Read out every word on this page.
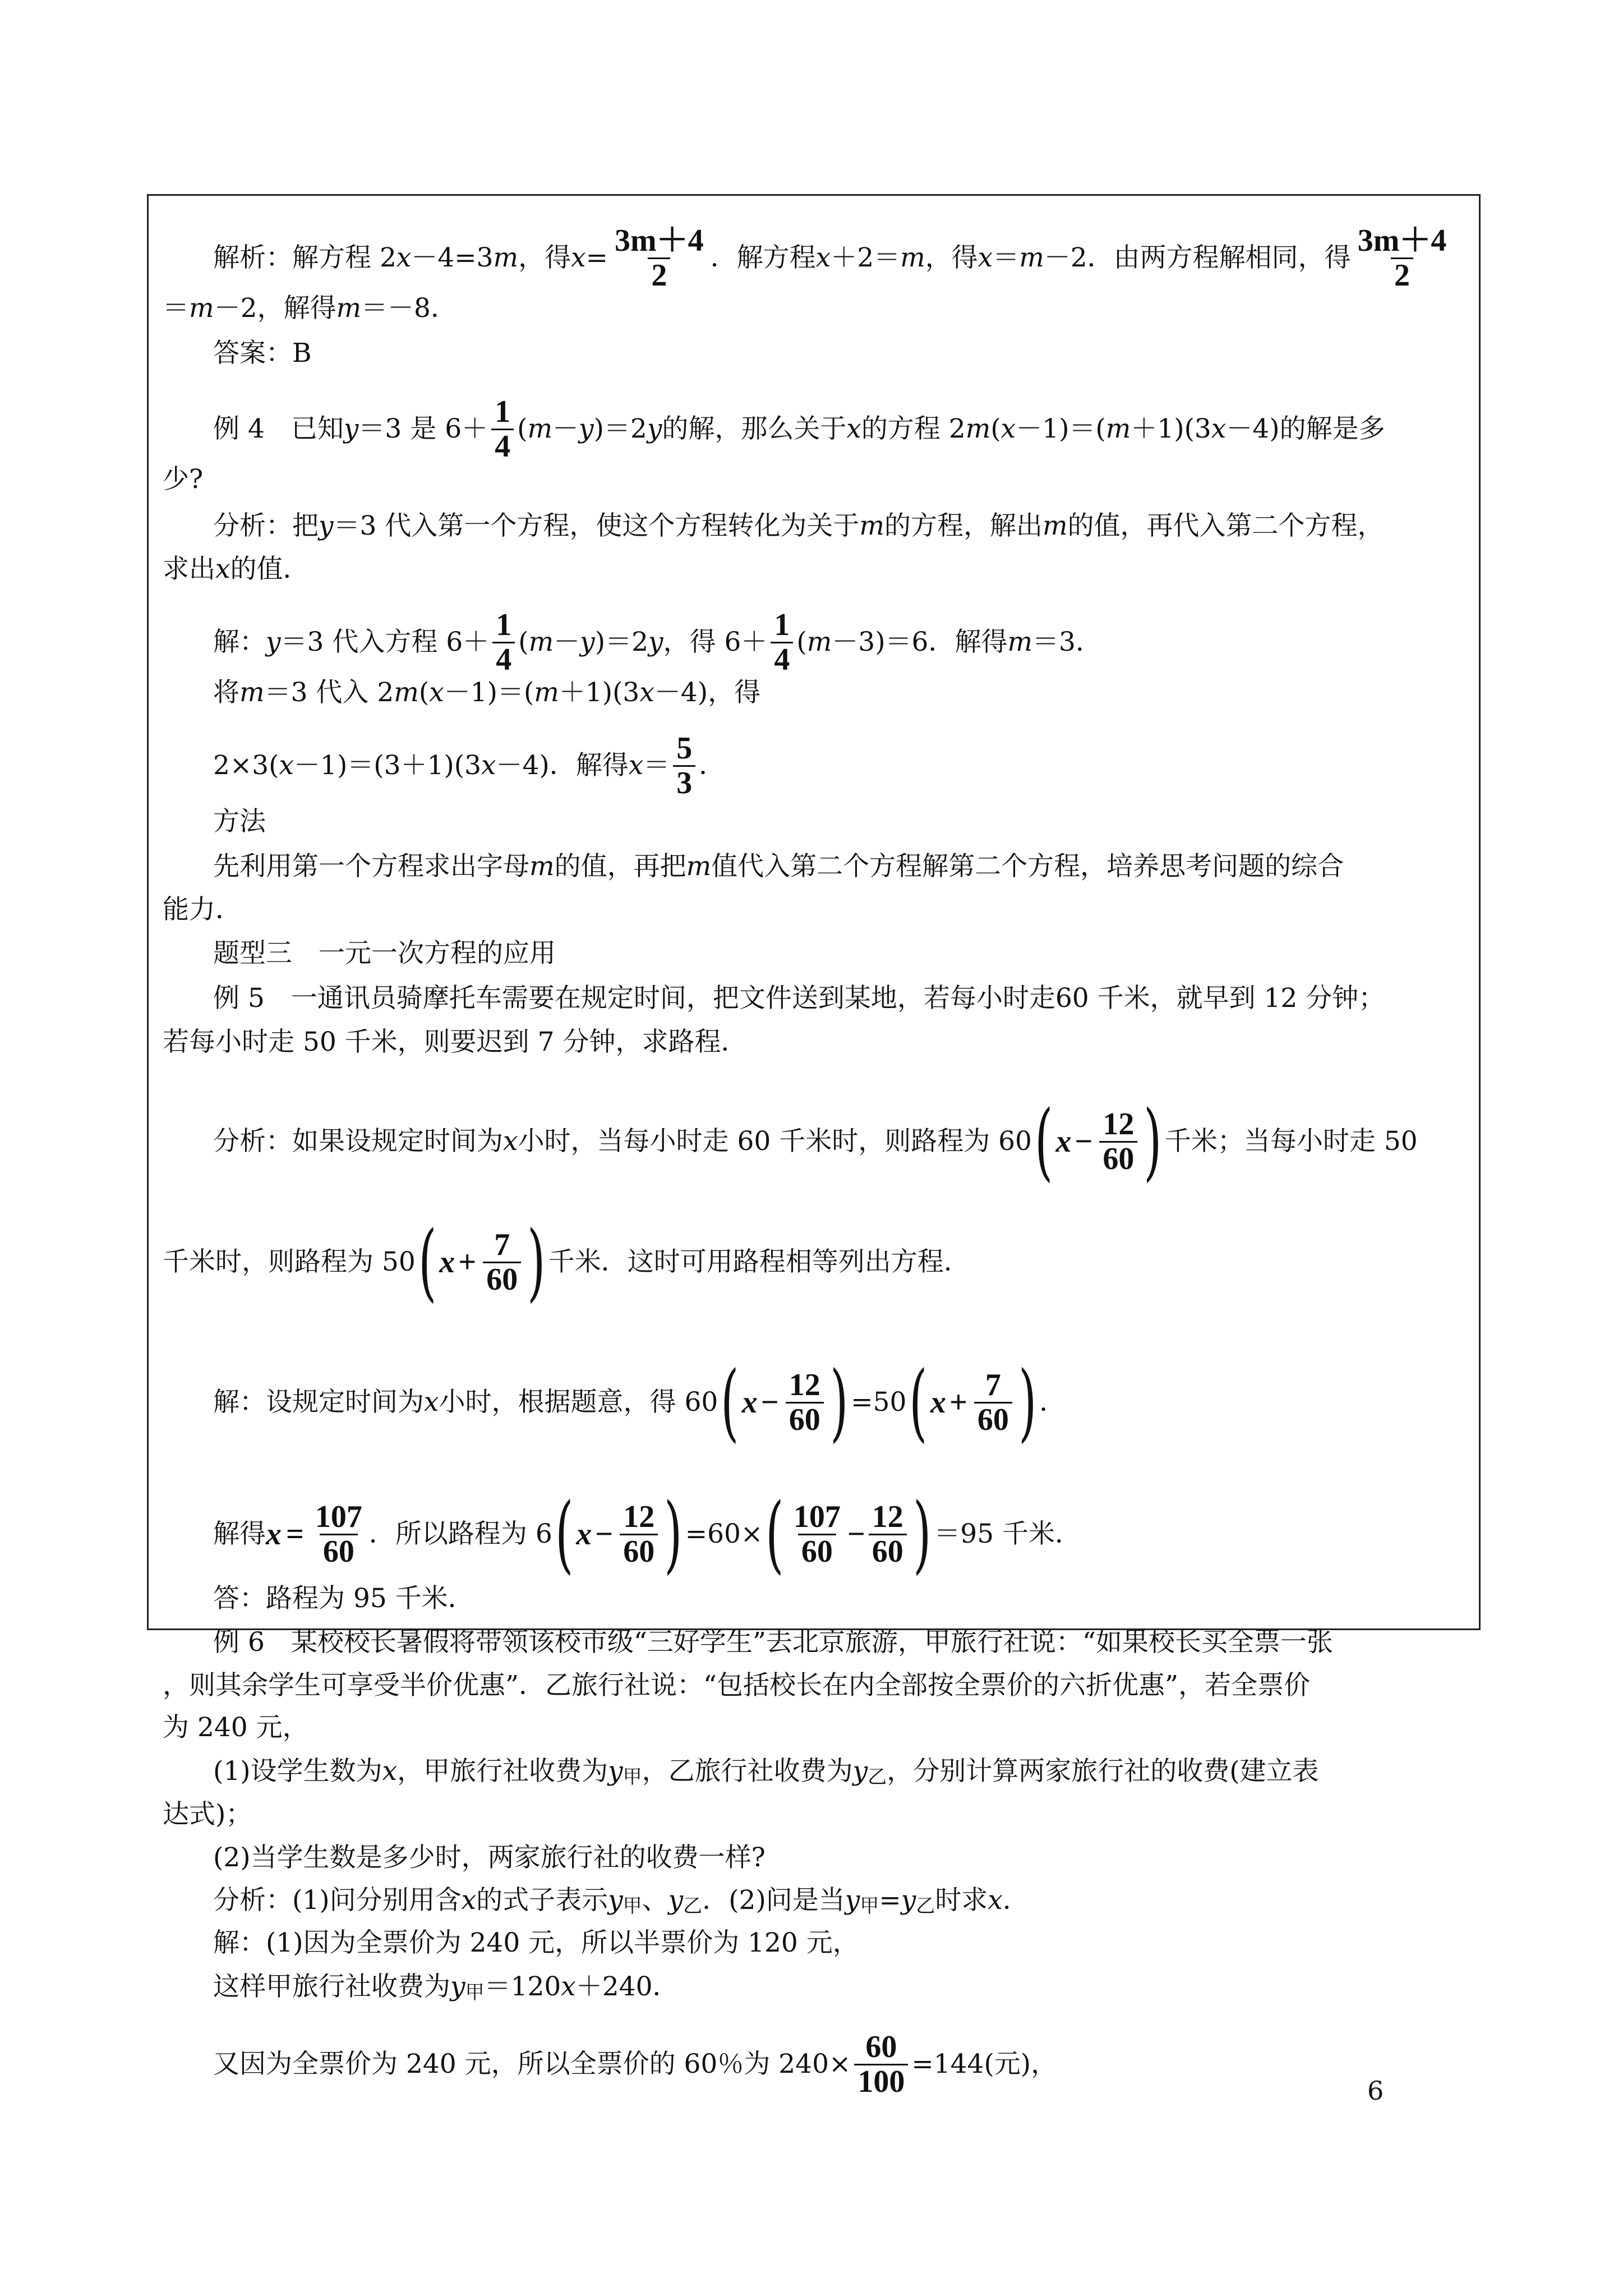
解析：解方程 2 x －4=3 m ，得 $x = \frac{3m+4}{2}$ ．解方程 x ＋2＝ m ，得 x ＝ m －2．由两方程解相同，得 $\frac{3m+4}{2}$
＝ m －2，解得 m ＝－8．
答案：B
例 4　已知 y ＝3 是 $6+ \frac{1}{4}$ ( m － y )＝2 y 的解，那么关于 x 的方程 2 m ( x －1)＝( m ＋1)(3 x －4)的解是多
少?
分析：把 y ＝3 代入第一个方程，使这个方程转化为关于 m 的方程，解出 m 的值，再代入第二个方程，
求出 x 的值．
解： y ＝3 代入方程 $6+ \frac{1}{4}$ ( m － y )＝2 y ，得 $6+ \frac{1}{4}$ ( m －3)＝6．解得 m ＝3．
将 m ＝3 代入 2 m ( x －1)＝( m ＋1)(3 x －4)，得
2×3( x －1)＝(3＋1)(3 x －4)．解得 $x = \frac{5}{3}$ ．
方法
先利用第一个方程求出字母 m 的值，再把 m 值代入第二个方程解第二个方程，培养思考问题的综合
能力．
题型三　一元一次方程的应用
例 5　一通讯员骑摩托车需要在规定时间，把文件送到某地，若每小时走60 千米，就早到 12 分钟；
若每小时走 50 千米，则要迟到 7 分钟，求路程．
分析：如果设规定时间为 x 小时，当每小时走 60 千米时，则路程为 60 ( $x - \frac{12}{60}$ ) 千米；当每小时走 50
千米时，则路程为 50 ( $x + \frac{7}{60}$ ) 千米．这时可用路程相等列出方程．
解：设规定时间为 x 小时，根据题意，得 60 ( $x - \frac{12}{60}$ ) =50 ( $x + \frac{7}{60}$ ) ．
解得 $x = \frac{107}{60}$ ．所以路程为 6 ( $x - \frac{12}{60}$ ) =60× ( $\frac{107}{60} - \frac{12}{60}$ ) ＝95 千米．
答：路程为 95 千米．
例 6　某校校长暑假将带领该校市级“三好学生”去北京旅游，甲旅行社说：“如果校长买全票一张
，则其余学生可享受半价优惠”．乙旅行社说：“包括校长在内全部按全票价的六折优惠”，若全票价
为 240 元，
(1)设学生数为 x ，甲旅行社收费为 y 甲 ，乙旅行社收费为 y 乙 ，分别计算两家旅行社的收费(建立表
达式)；
(2)当学生数是多少时，两家旅行社的收费一样?
分析：(1)问分别用含 x 的式子表示 y 甲 、 y 乙 ．(2)问是当 y 甲 = y 乙 时求 x ．
解：(1)因为全票价为 240 元，所以半票价为 120 元，
这样甲旅行社收费为 y 甲 ＝120 x ＋240．
又因为全票价为 240 元，所以全票价的 60％为 $240\times \frac{60}{100} =144$(元)，
6
